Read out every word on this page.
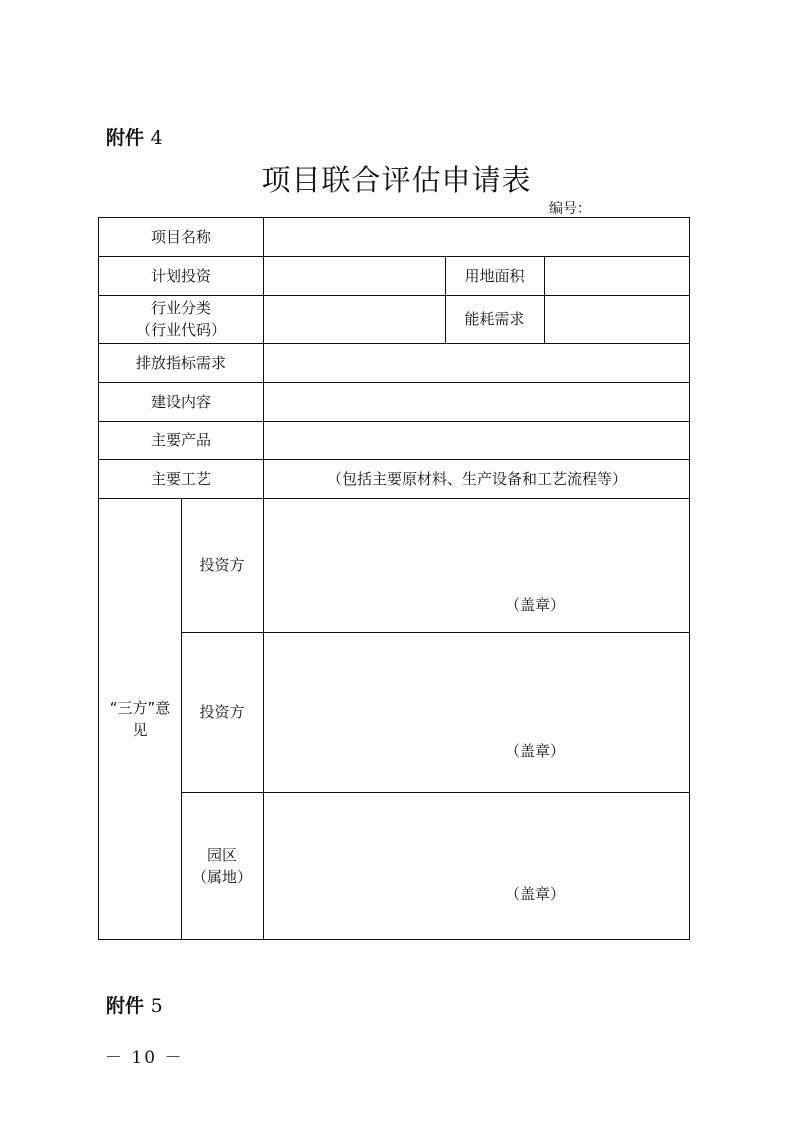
附件 4
项目联合评估申请表
编号：
项目名称
计划投资	用地面积
行业分类
（行业代码）
能耗需求
排放指标需求
建设内容
主要产品
主要工艺	（包括主要原材料、生产设备和工艺流程等）
“三方”意
见
投资方
（盖章）
投资方
（盖章）
园区
（属地）
（盖章）
附件 5
－ 10 －
